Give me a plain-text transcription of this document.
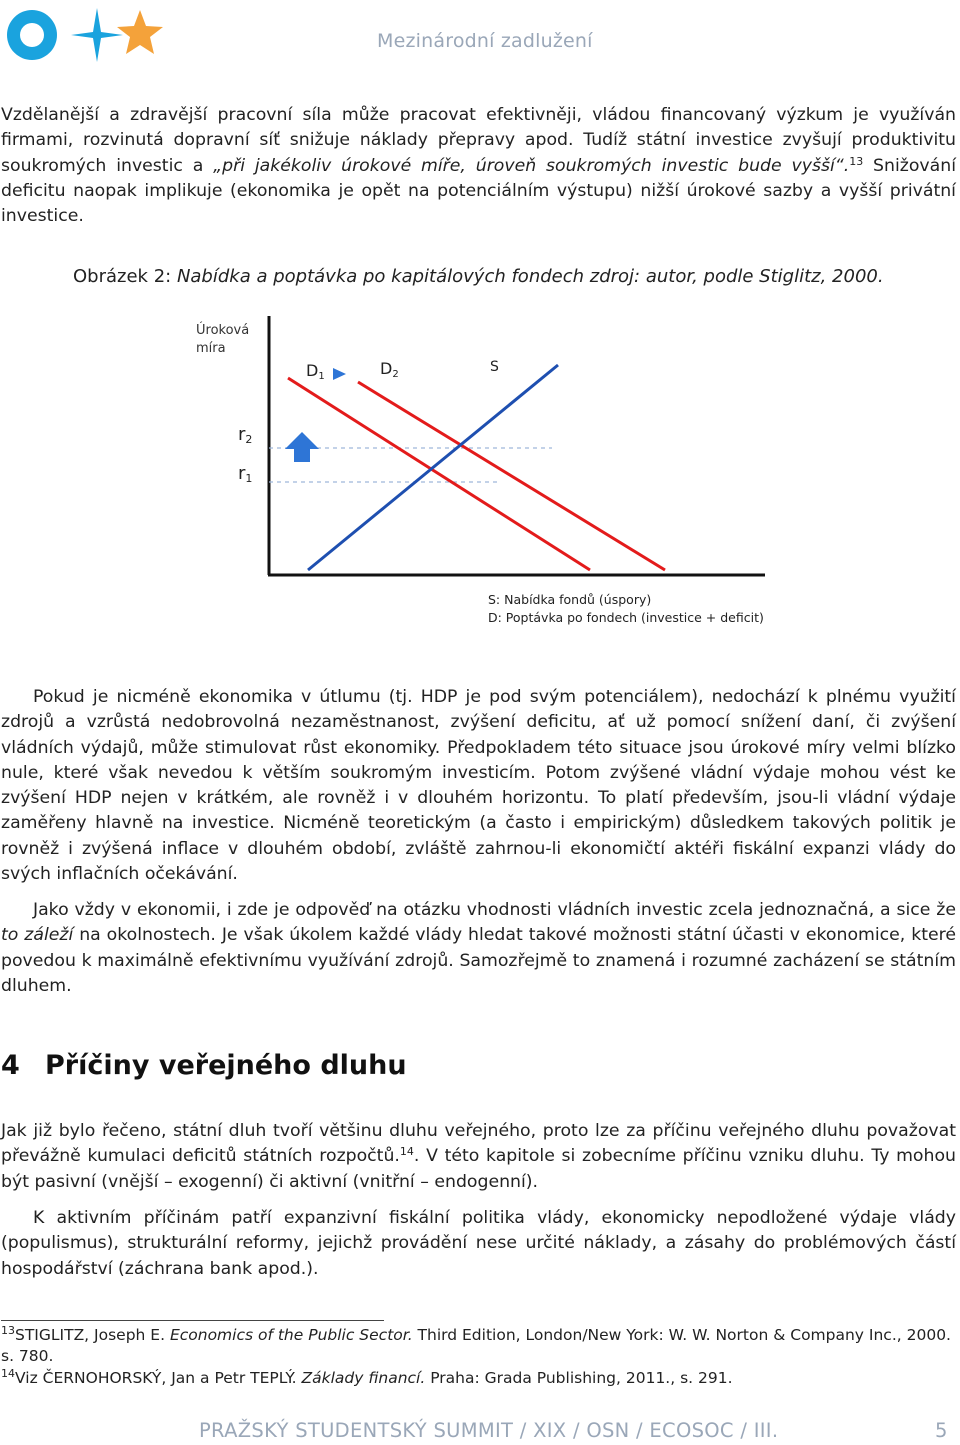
Mezinárodní zadlužení

Vzdělanější a zdravější pracovní síla může pracovat efektivněji, vládou financovaný výzkum je využíván firmami, rozvinutá dopravní síť snižuje náklady přepravy apod. Tudíž státní investice zvyšují produktivitu soukromých investic a „při jakékoliv úrokové míře, úroveň soukromých investic bude vyšší“.$^{13}$ Snižování deficitu naopak implikuje (ekonomika je opět na potenciálním výstupu) nižší úrokové sazby a vyšší privátní investice.

Obrázek 2: Nabídka a poptávka po kapitálových fondech zdroj: autor, podle Stiglitz, 2000.
Úroková
míra
D1	D2	S
r2
r1
S: Nabídka fondů (úspory)
D: Poptávka po fondech (investice + deficit)

Pokud je nicméně ekonomika v útlumu (tj. HDP je pod svým potenciálem), nedochází k plnému využití zdrojů a vzrůstá nedobrovolná nezaměstnanost, zvýšení deficitu, ať už pomocí snížení daní, či zvýšení vládních výdajů, může stimulovat růst ekonomiky. Předpokladem této situace jsou úrokové míry velmi blízko nule, které však nevedou k větším soukromým investicím. Potom zvýšené vládní výdaje mohou vést ke zvýšení HDP nejen v krátkém, ale rovněž i v dlouhém horizontu. To platí především, jsou-li vládní výdaje zaměřeny hlavně na investice. Nicméně teoretickým (a často i empirickým) důsledkem takových politik je rovněž i zvýšená inflace v dlouhém období, zvláště zahrnou-li ekonomičtí aktéři fiskální expanzi vlády do svých inflačních očekávání.

Jako vždy v ekonomii, i zde je odpověď na otázku vhodnosti vládních investic zcela jednoznačná, a sice že to záleží na okolnostech. Je však úkolem každé vlády hledat takové možnosti státní účasti v ekonomice, které povedou k maximálně efektivnímu využívání zdrojů. Samozřejmě to znamená i rozumné zacházení se státním dluhem.

4 Příčiny veřejného dluhu

Jak již bylo řečeno, státní dluh tvoří většinu dluhu veřejného, proto lze za příčinu veřejného dluhu považovat převážně kumulaci deficitů státních rozpočtů.$^{14}$. V této kapitole si zobecníme příčinu vzniku dluhu. Ty mohou být pasivní (vnější – exogenní) či aktivní (vnitřní – endogenní).

K aktivním příčinám patří expanzivní fiskální politika vlády, ekonomicky nepodložené výdaje vlády (populismus), strukturální reformy, jejichž provádění nese určité náklady, a zásahy do problémových částí hospodářství (záchrana bank apod.).

$^{13}$STIGLITZ, Joseph E. Economics of the Public Sector. Third Edition, London/New York: W. W. Norton & Company Inc., 2000. s. 780.
$^{14}$Viz ČERNOHORSKÝ, Jan a Petr TEPLÝ. Základy financí. Praha: Grada Publishing, 2011., s. 291.
PRAŽSKÝ STUDENTSKÝ SUMMIT / XIX / OSN / ECOSOC / III.	5
